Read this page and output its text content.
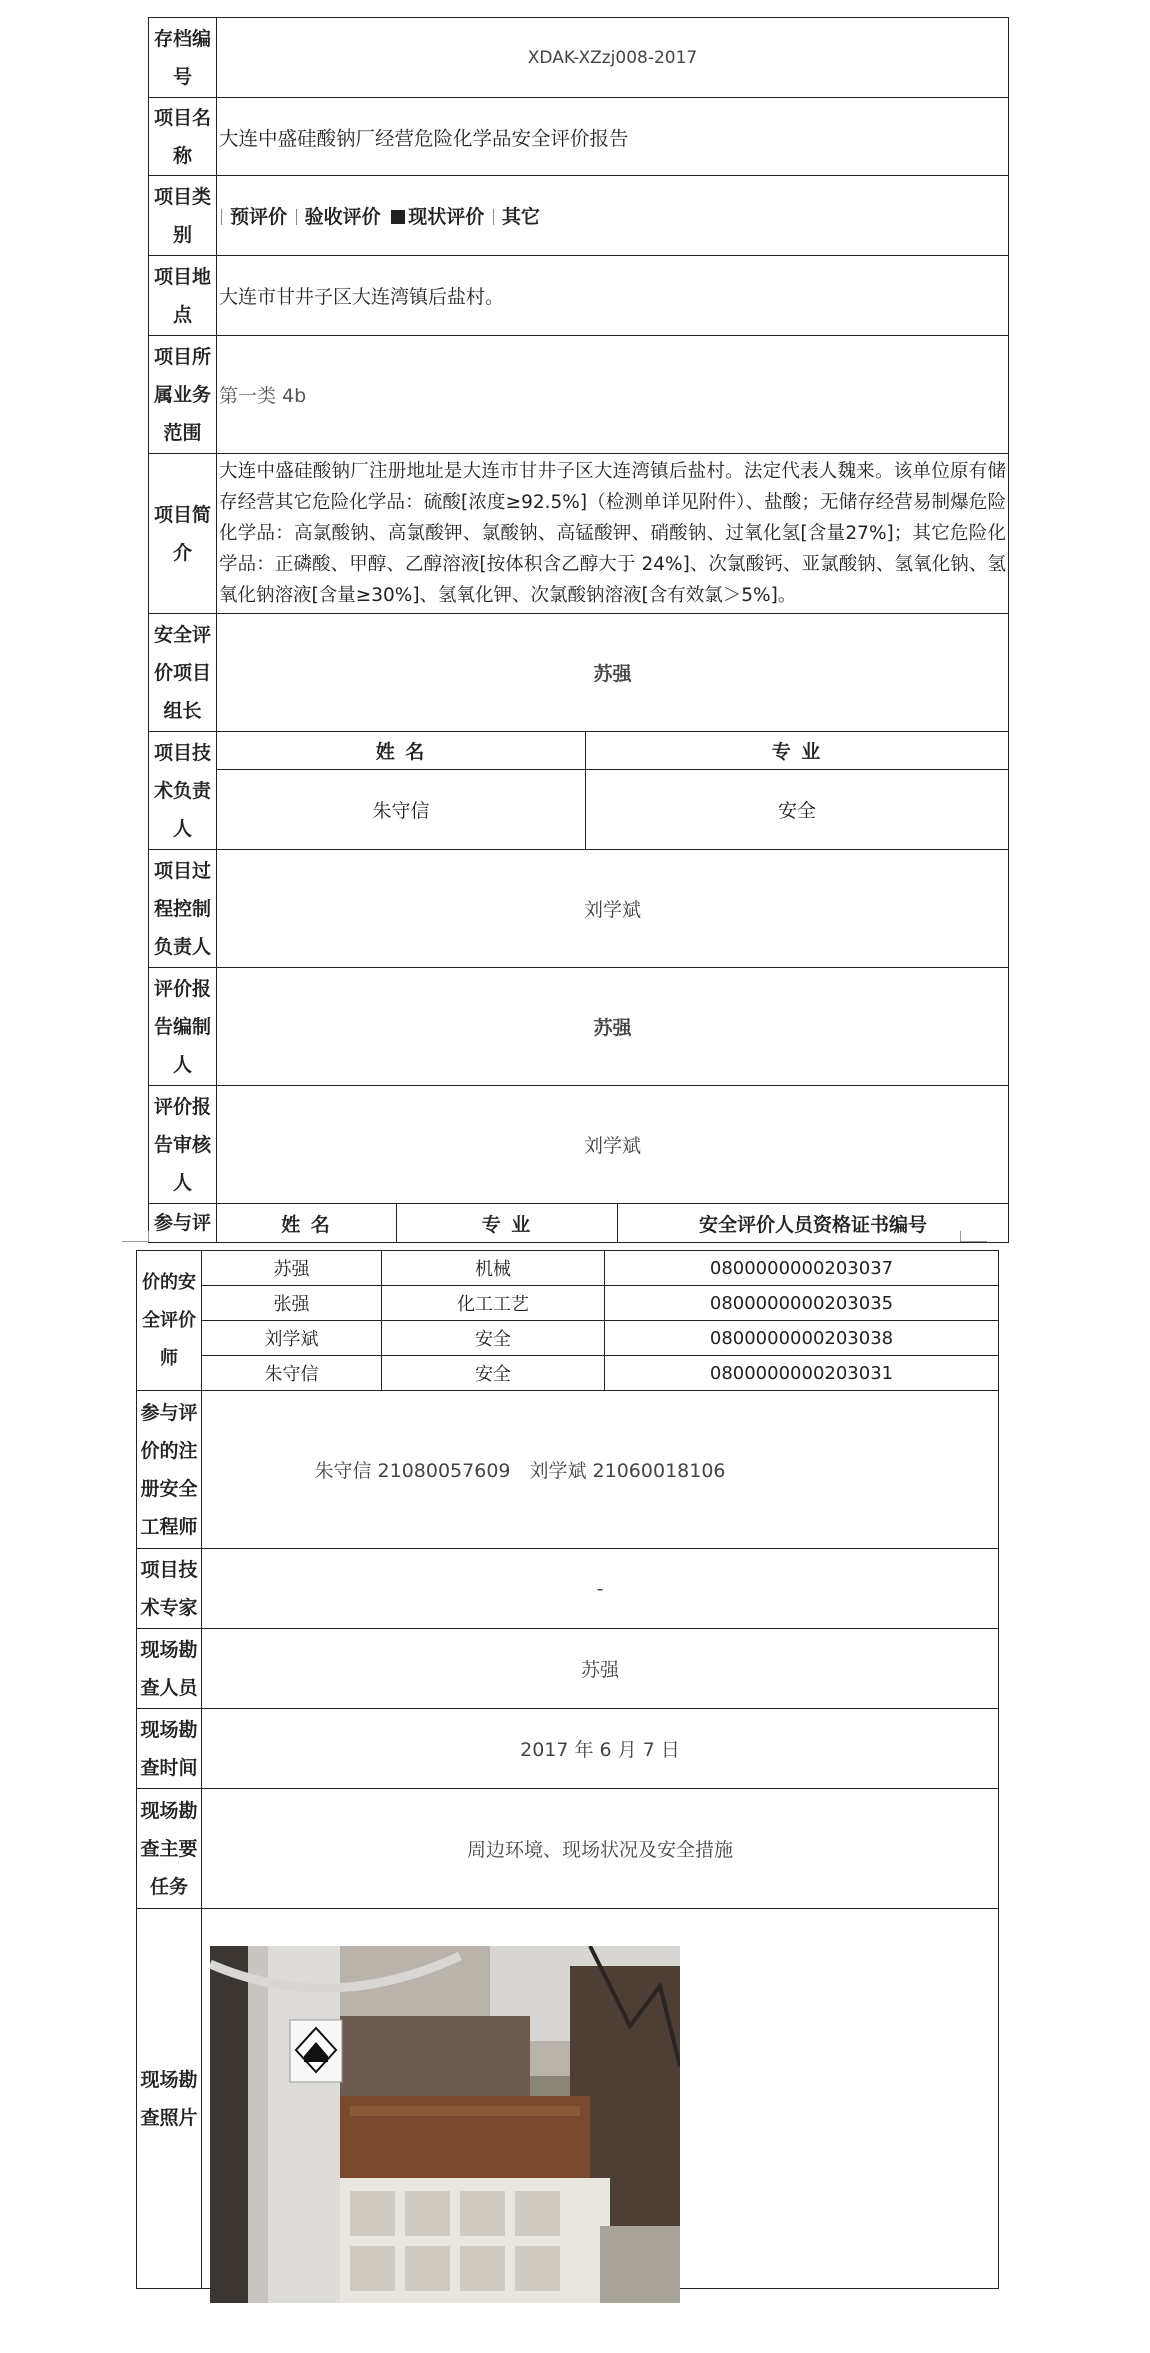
存档编号	XDAK-XZzj008-2017	
项目名称	大连中盛硅酸钠厂经营危险化学品安全评价报告	
项目类别	预评价 验收评价 现状评价 其它	
项目地点	大连市甘井子区大连湾镇后盐村。	
项目所属业务范围	第一类 4b	
项目简介	大连中盛硅酸钠厂注册地址是大连市甘井子区大连湾镇后盐村。法定代表人魏来。该单位原有储存经营其它危险化学品：硫酸[浓度≥92.5%]（检测单详见附件）、盐酸；无储存经营易制爆危险化学品：高氯酸钠、高氯酸钾、氯酸钠、高锰酸钾、硝酸钠、过氧化氢[含量27%]；其它危险化学品：正磷酸、甲醇、乙醇溶液[按体积含乙醇大于 24%]、次氯酸钙、亚氯酸钠、氢氧化钠、氢氧化钠溶液[含量≥30%]、氢氧化钾、次氯酸钠溶液[含有效氯＞5%]。	
安全评价项目组长	苏强	
项目技术负责人	姓 名	专 业
	朱守信	安全
项目过程控制负责人	刘学斌	
评价报告编制人	苏强	
评价报告审核人	刘学斌	
参与评	姓 名	专 业	安全评价人员资格证书编号
价的安全评价师	苏强	机械	0800000000203037
	张强	化工工艺	0800000000203035
	刘学斌	安全	0800000000203038
	朱守信	安全	0800000000203031
参与评价的注册安全工程师	朱守信 21080057609　刘学斌 21060018106
项目技术专家	-
现场勘查人员	苏强
现场勘查时间	2017 年 6 月 7 日
现场勘查主要任务	周边环境、现场状况及安全措施
现场勘查照片	
